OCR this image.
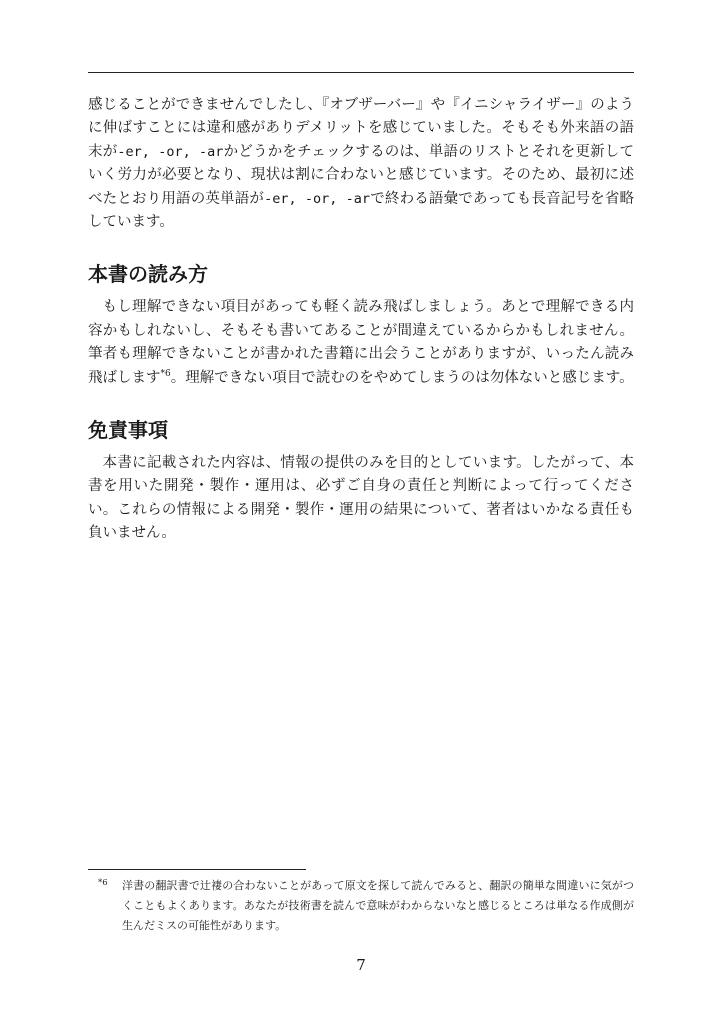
感じることができませんでしたし、『オブザーバー』や『イニシャライザー』のように伸ばすことには違和感がありデメリットを感じていました。そもそも外来語の語末が-er, -or, -arかどうかをチェックするのは、単語のリストとそれを更新していく労力が必要となり、現状は割に合わないと感じています。そのため、最初に述べたとおり用語の英単語が-er, -or, -arで終わる語彙であっても長音記号を省略しています。

本書の読み方

もし理解できない項目があっても軽く読み飛ばしましょう。あとで理解できる内容かもしれないし、そもそも書いてあることが間違えているからかもしれません。筆者も理解できないことが書かれた書籍に出会うことがありますが、いったん読み飛ばします$^{*6}$。理解できない項目で読むのをやめてしまうのは勿体ないと感じます。

免責事項

本書に記載された内容は、情報の提供のみを目的としています。したがって、本書を用いた開発・製作・運用は、必ずご自身の責任と判断によって行ってください。これらの情報による開発・製作・運用の結果について、著者はいかなる責任も負いません。

*6	洋書の翻訳書で辻褄の合わないことがあって原文を探して読んでみると、翻訳の簡単な間違いに気がつくこともよくあります。あなたが技術書を読んで意味がわからないなと感じるところは単なる作成側が生んだミスの可能性があります。
7
